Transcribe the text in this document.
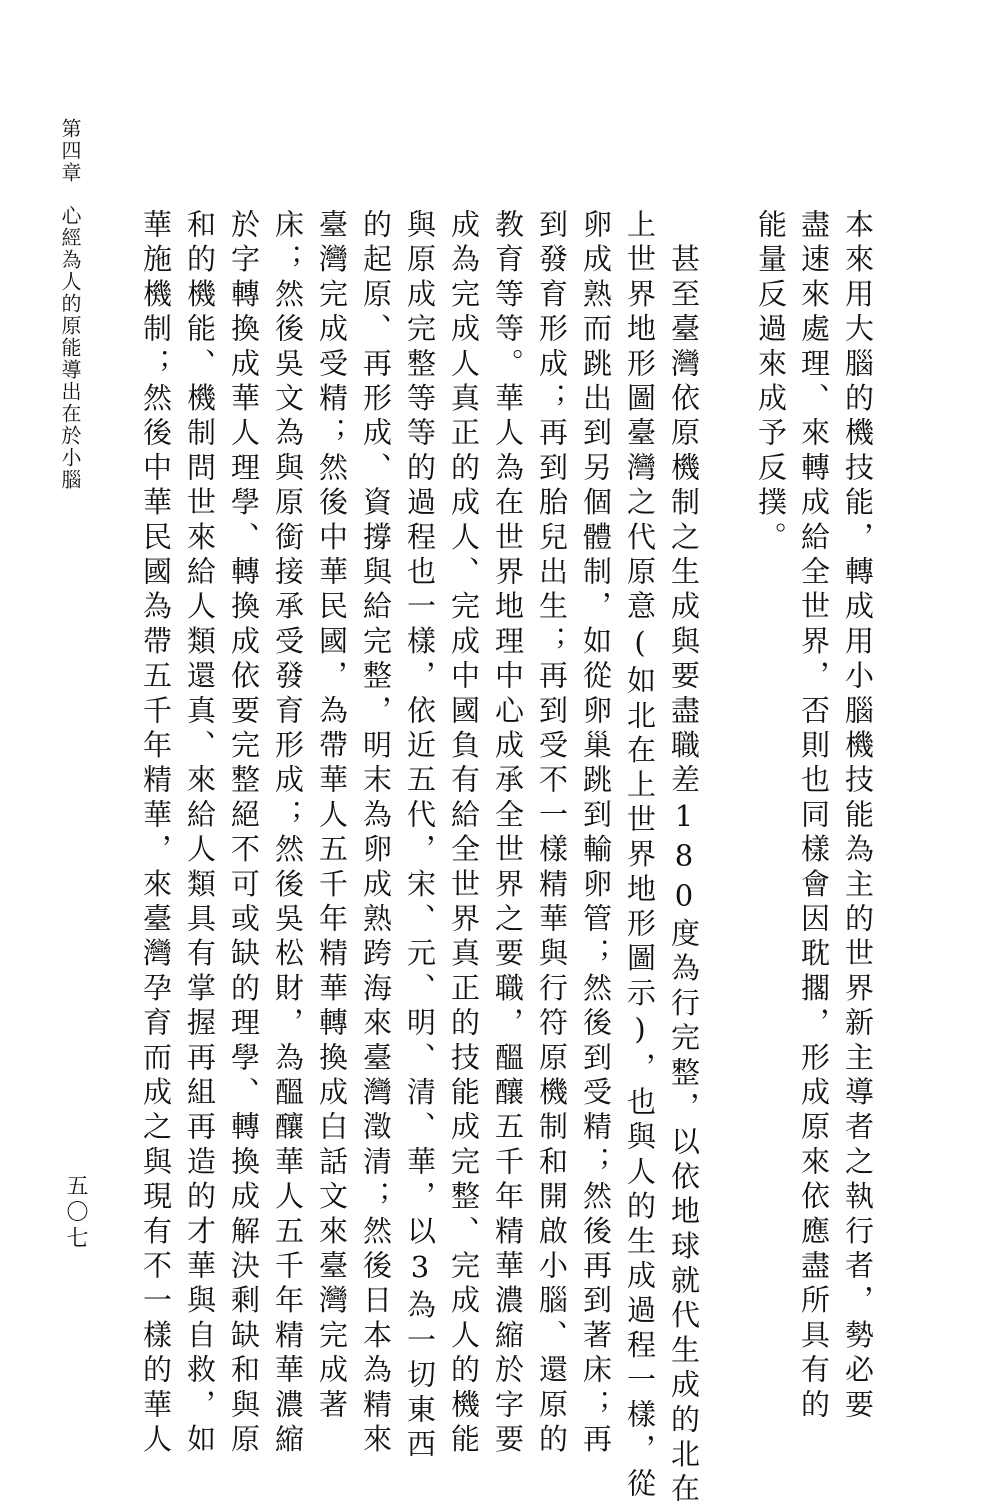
第四章
心經為人的原能導出在於小腦	本來用大腦的機技能，轉成用小腦機技能為主的世界新主導者之執行者，勢必要
盡速來處理、來轉成給全世界，否則也同樣會因耽擱，形成原來依應盡所具有的
能量反過來成予反撲。
　甚至臺灣依原機制之生成與要盡職差180度為行完整，以依地球就代生成的北在
上世界地形圖臺灣之代原意(如北在上世界地形圖示)，也與人的生成過程一樣，從
卵成熟而跳出到另個體制，如從卵巢跳到輸卵管；然後到受精；然後再到著床；再
到發育形成；再到胎兒出生；再到受不一樣精華與行符原機制和開啟小腦、還原的
教育等等。華人為在世界地理中心成承全世界之要職，醞釀五千年精華濃縮於字要
成為完成人真正的成人、完成中國負有給全世界真正的技能成完整、完成人的機能
與原成完整等等的過程也一樣，依近五代，宋、元、明、清、華，以3為一切東西
的起原、再形成、資撐與給完整，明末為卵成熟跨海來臺灣澂清；然後日本為精來
臺灣完成受精；然後中華民國，為帶華人五千年精華轉換成白話文來臺灣完成著
床；然後吳文為與原銜接承受發育形成；然後吳松財，為醞釀華人五千年精華濃縮
於字轉換成華人理學、轉換成依要完整絕不可或缺的理學、轉換成解決剩缺和與原
和的機能、機制問世來給人類還真、來給人類具有掌握再組再造的才華與自救，如
華施機制；然後中華民國為帶五千年精華，來臺灣孕育而成之與現有不一樣的華人
五〇七
